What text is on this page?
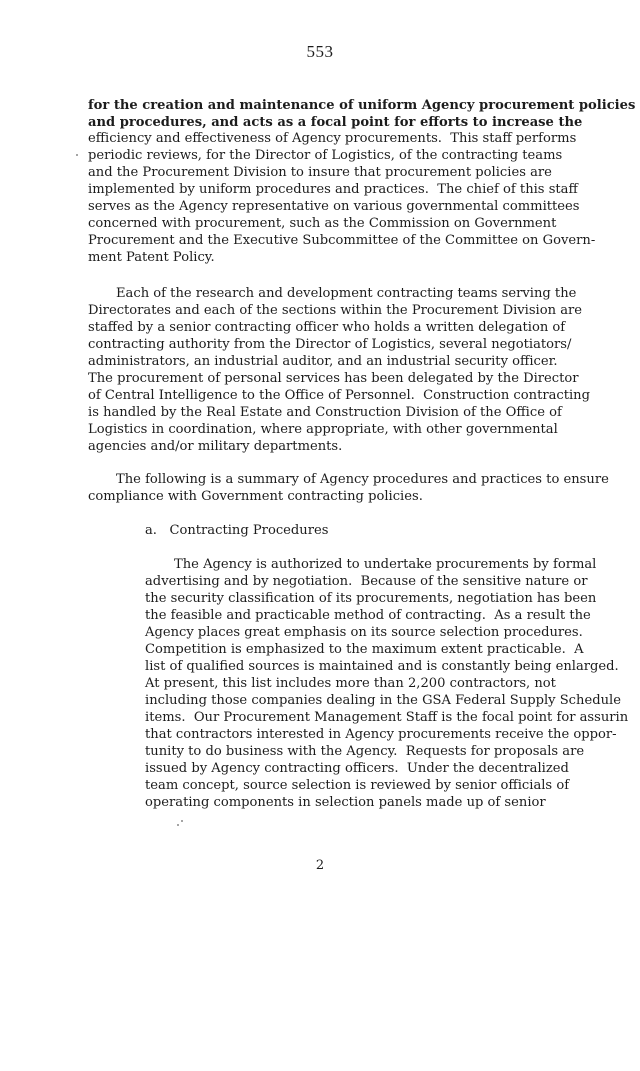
553
for the creation and maintenance of uniform Agency procurement policies
and procedures, and acts as a focal point for efforts to increase the
efficiency and effectiveness of Agency procurements.  This staff performs
periodic reviews, for the Director of Logistics, of the contracting teams
and the Procurement Division to insure that procurement policies are
implemented by uniform procedures and practices.  The chief of this staff
serves as the Agency representative on various governmental committees
concerned with procurement, such as the Commission on Government
Procurement and the Executive Subcommittee of the Committee on Govern-
ment Patent Policy.
Each of the research and development contracting teams serving the
Directorates and each of the sections within the Procurement Division are
staffed by a senior contracting officer who holds a written delegation of
contracting authority from the Director of Logistics, several negotiators/
administrators, an industrial auditor, and an industrial security officer.
The procurement of personal services has been delegated by the Director
of Central Intelligence to the Office of Personnel.  Construction contracting
is handled by the Real Estate and Construction Division of the Office of
Logistics in coordination, where appropriate, with other governmental
agencies and/or military departments.
The following is a summary of Agency procedures and practices to ensure
compliance with Government contracting policies.
a.   Contracting Procedures
The Agency is authorized to undertake procurements by formal
advertising and by negotiation.  Because of the sensitive nature or
the security classification of its procurements, negotiation has been
the feasible and practicable method of contracting.  As a result the
Agency places great emphasis on its source selection procedures.
Competition is emphasized to the maximum extent practicable.  A
list of qualified sources is maintained and is constantly being enlarged.
At present, this list includes more than 2,200 contractors, not
including those companies dealing in the GSA Federal Supply Schedule
items.  Our Procurement Management Staff is the focal point for assurin
that contractors interested in Agency procurements receive the oppor-
tunity to do business with the Agency.  Requests for proposals are
issued by Agency contracting officers.  Under the decentralized
team concept, source selection is reviewed by senior officials of
operating components in selection panels made up of senior
2
